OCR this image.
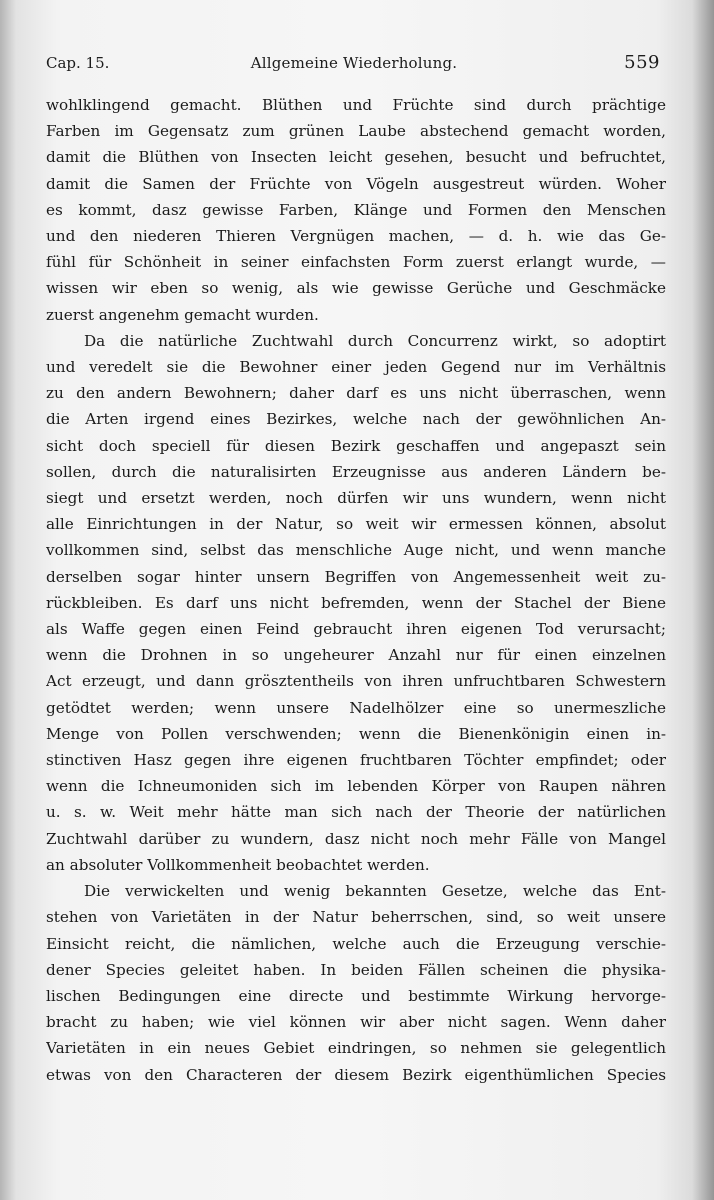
Cap. 15.	Allgemeine Wiederholung.	559
wohlklingend gemacht. Blüthen und Früchte sind durch prächtige
Farben im Gegensatz zum grünen Laube abstechend gemacht worden,
damit die Blüthen von Insecten leicht gesehen, besucht und befruchtet,
damit die Samen der Früchte von Vögeln ausgestreut würden. Woher
es kommt, dasz gewisse Farben, Klänge und Formen den Menschen
und den niederen Thieren Vergnügen machen, — d. h. wie das Ge-
fühl für Schönheit in seiner einfachsten Form zuerst erlangt wurde, —
wissen wir eben so wenig, als wie gewisse Gerüche und Geschmäcke
zuerst angenehm gemacht wurden.
Da die natürliche Zuchtwahl durch Concurrenz wirkt, so adoptirt
und veredelt sie die Bewohner einer jeden Gegend nur im Verhältnis
zu den andern Bewohnern; daher darf es uns nicht überraschen, wenn
die Arten irgend eines Bezirkes, welche nach der gewöhnlichen An-
sicht doch speciell für diesen Bezirk geschaffen und angepaszt sein
sollen, durch die naturalisirten Erzeugnisse aus anderen Ländern be-
siegt und ersetzt werden, noch dürfen wir uns wundern, wenn nicht
alle Einrichtungen in der Natur, so weit wir ermessen können, absolut
vollkommen sind, selbst das menschliche Auge nicht, und wenn manche
derselben sogar hinter unsern Begriffen von Angemessenheit weit zu-
rückbleiben. Es darf uns nicht befremden, wenn der Stachel der Biene
als Waffe gegen einen Feind gebraucht ihren eigenen Tod verursacht;
wenn die Drohnen in so ungeheurer Anzahl nur für einen einzelnen
Act erzeugt, und dann grösztentheils von ihren unfruchtbaren Schwestern
getödtet werden; wenn unsere Nadelhölzer eine so unermeszliche
Menge von Pollen verschwenden; wenn die Bienenkönigin einen in-
stinctiven Hasz gegen ihre eigenen fruchtbaren Töchter empfindet; oder
wenn die Ichneumoniden sich im lebenden Körper von Raupen nähren
u. s. w. Weit mehr hätte man sich nach der Theorie der natürlichen
Zuchtwahl darüber zu wundern, dasz nicht noch mehr Fälle von Mangel
an absoluter Vollkommenheit beobachtet werden.
Die verwickelten und wenig bekannten Gesetze, welche das Ent-
stehen von Varietäten in der Natur beherrschen, sind, so weit unsere
Einsicht reicht, die nämlichen, welche auch die Erzeugung verschie-
dener Species geleitet haben. In beiden Fällen scheinen die physika-
lischen Bedingungen eine directe und bestimmte Wirkung hervorge-
bracht zu haben; wie viel können wir aber nicht sagen. Wenn daher
Varietäten in ein neues Gebiet eindringen, so nehmen sie gelegentlich
etwas von den Characteren der diesem Bezirk eigenthümlichen Species
